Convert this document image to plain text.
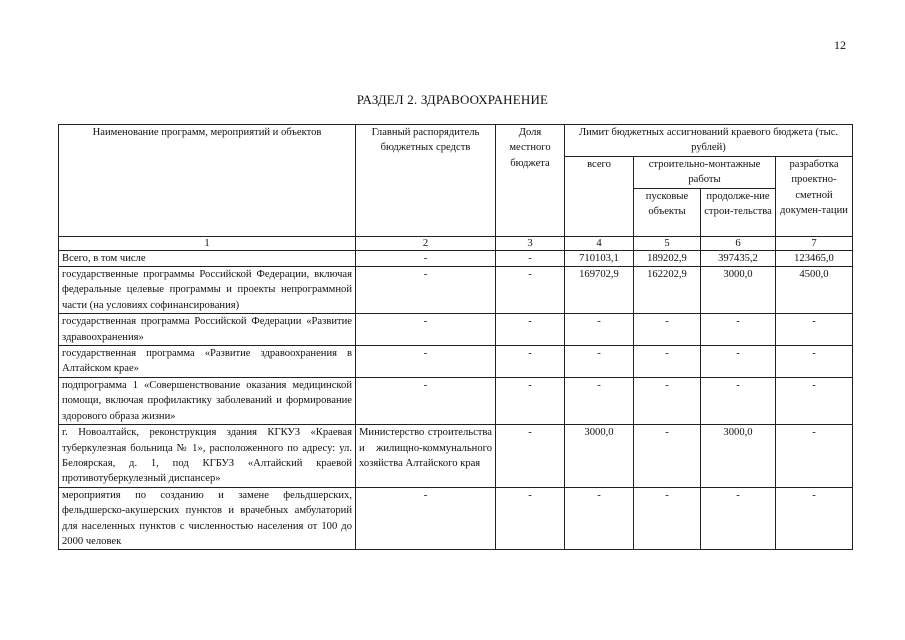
12
РАЗДЕЛ 2. ЗДРАВООХРАНЕНИЕ
Наименование программ, мероприятий и объектов	Главный распорядитель бюджетных средств	Доля местного бюджета	Лимит бюджетных ассигнований краевого бюджета (тыс. рублей)			
			всего	строительно-монтажные работы		разработка проектно-сметной докумен-тации
				пусковые объекты	продолже-ние строи-тельства	
1	2	3	4	5	6	7
Всего, в том числе	-	-	710103,1	189202,9	397435,2	123465,0
государственные программы Российской Федерации, включая федеральные целевые программы и проекты непрограммной части (на условиях софинансирования)	-	-	169702,9	162202,9	3000,0	4500,0
государственная программа Российской Федерации «Развитие здравоохранения»	-	-	-	-	-	-
государственная программа «Развитие здравоохранения в Алтайском крае»	-	-	-	-	-	-
подпрограмма 1 «Совершенствование оказания медицинской помощи, включая профилактику заболеваний и формирование здорового образа жизни»	-	-	-	-	-	-
г. Новоалтайск, реконструкция здания КГКУЗ «Краевая туберкулезная больница № 1», расположенного по адресу: ул. Белоярская, д. 1, под КГБУЗ «Алтайский краевой противотуберкулезный диспансер»	Министерство строительства и жилищно-коммунального хозяйства Алтайского края	-	3000,0	-	3000,0	-
мероприятия по созданию и замене фельдшерских, фельдшерско-акушерских пунктов и врачебных амбулаторий для населенных пунктов с численностью населения от 100 до 2000 человек	-	-	-	-	-	-
